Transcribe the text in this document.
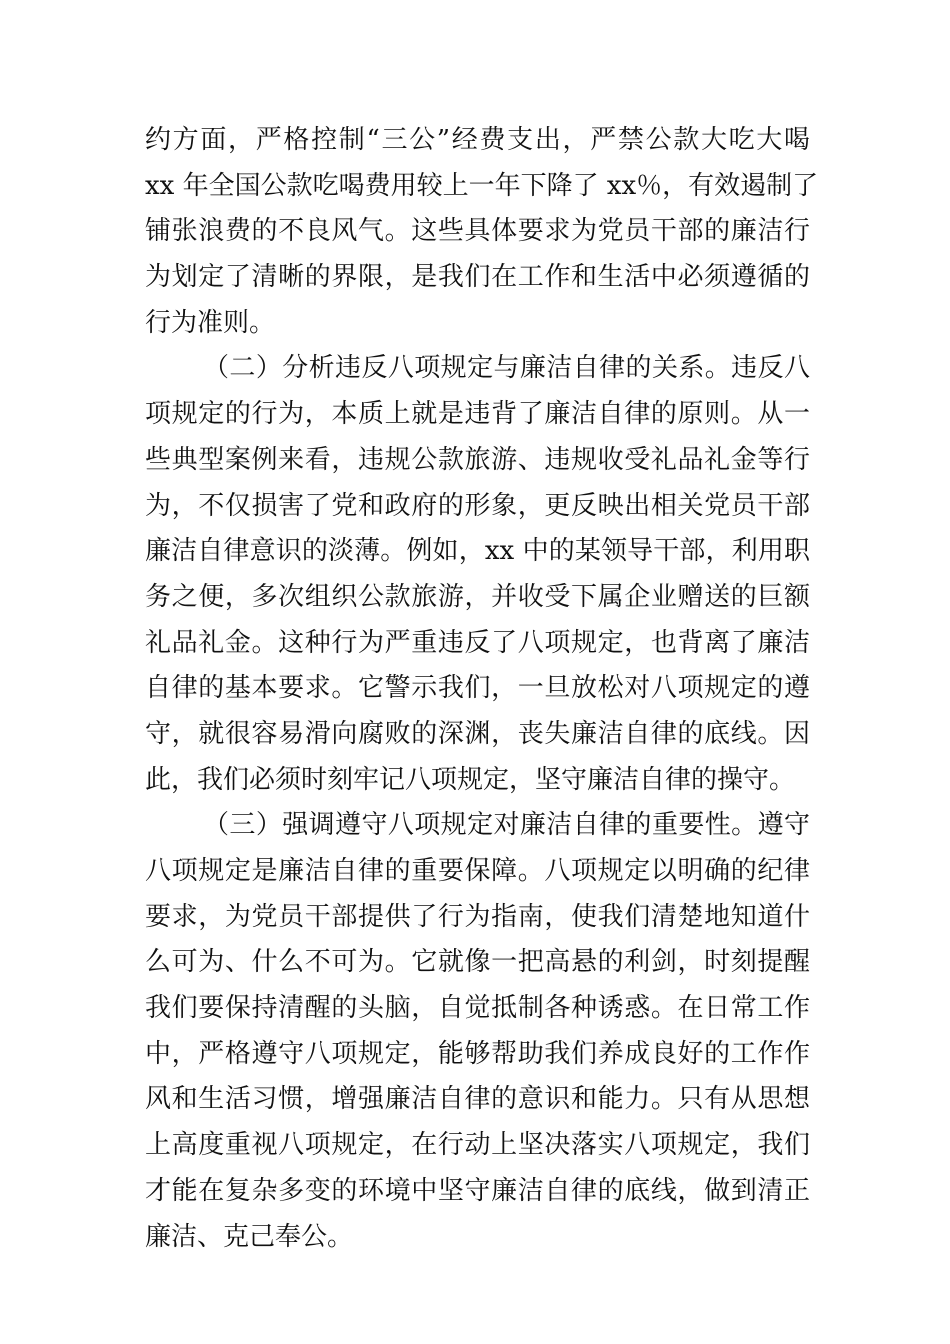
约方面，严格控制“三公”经费支出，严禁公款大吃大喝
xx 年全国公款吃喝费用较上一年下降了 xx％，有效遏制了
铺张浪费的不良风气。这些具体要求为党员干部的廉洁行
为划定了清晰的界限，是我们在工作和生活中必须遵循的
行为准则。
（二）分析违反八项规定与廉洁自律的关系。违反八
项规定的行为，本质上就是违背了廉洁自律的原则。从一
些典型案例来看，违规公款旅游、违规收受礼品礼金等行
为，不仅损害了党和政府的形象，更反映出相关党员干部
廉洁自律意识的淡薄。例如，xx 中的某领导干部，利用职
务之便，多次组织公款旅游，并收受下属企业赠送的巨额
礼品礼金。这种行为严重违反了八项规定，也背离了廉洁
自律的基本要求。它警示我们，一旦放松对八项规定的遵
守，就很容易滑向腐败的深渊，丧失廉洁自律的底线。因
此，我们必须时刻牢记八项规定，坚守廉洁自律的操守。
（三）强调遵守八项规定对廉洁自律的重要性。遵守
八项规定是廉洁自律的重要保障。八项规定以明确的纪律
要求，为党员干部提供了行为指南，使我们清楚地知道什
么可为、什么不可为。它就像一把高悬的利剑，时刻提醒
我们要保持清醒的头脑，自觉抵制各种诱惑。在日常工作
中，严格遵守八项规定，能够帮助我们养成良好的工作作
风和生活习惯，增强廉洁自律的意识和能力。只有从思想
上高度重视八项规定，在行动上坚决落实八项规定，我们
才能在复杂多变的环境中坚守廉洁自律的底线，做到清正
廉洁、克己奉公。
